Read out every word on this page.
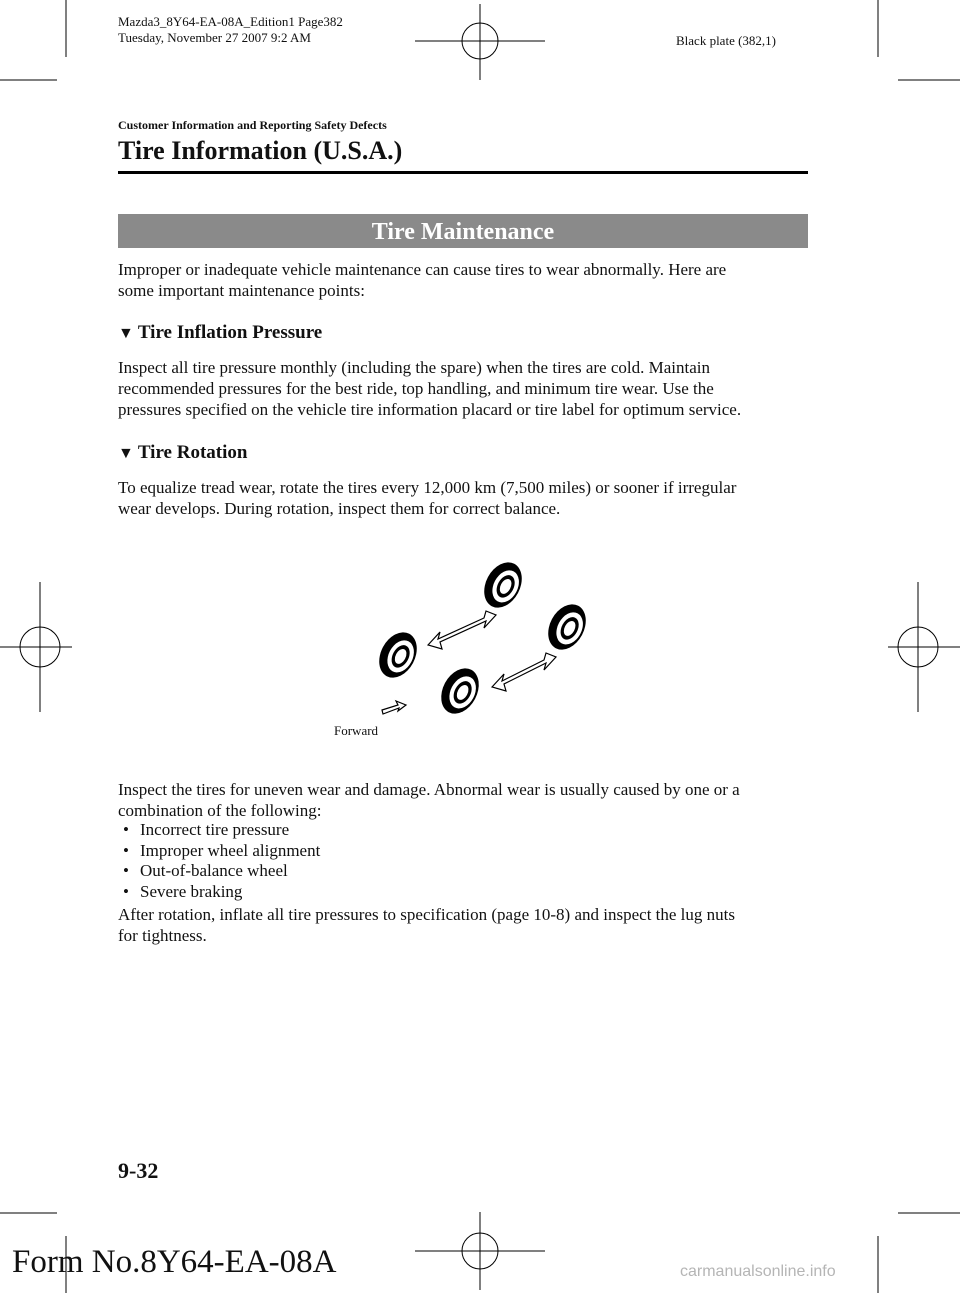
Mazda3_8Y64-EA-08A_Edition1 Page382
Tuesday, November 27 2007 9:2 AM	Black plate (382,1)
Customer Information and Reporting Safety Defects
Tire Information (U.S.A.)
Tire Maintenance
Improper or inadequate vehicle maintenance can cause tires to wear abnormally. Here are
some important maintenance points:
▼ Tire Inflation Pressure
Inspect all tire pressure monthly (including the spare) when the tires are cold. Maintain
recommended pressures for the best ride, top handling, and minimum tire wear. Use the
pressures specified on the vehicle tire information placard or tire label for optimum service.
▼ Tire Rotation
To equalize tread wear, rotate the tires every 12,000 km (7,500 miles) or sooner if irregular
wear develops. During rotation, inspect them for correct balance.
Forward
Inspect the tires for uneven wear and damage. Abnormal wear is usually caused by one or a
combination of the following:
• Incorrect tire pressure
• Improper wheel alignment
• Out-of-balance wheel
• Severe braking
After rotation, inflate all tire pressures to specification (page 10-8) and inspect the lug nuts
for tightness.
9-32
Form No.8Y64-EA-08A	carmanualsonline.info
